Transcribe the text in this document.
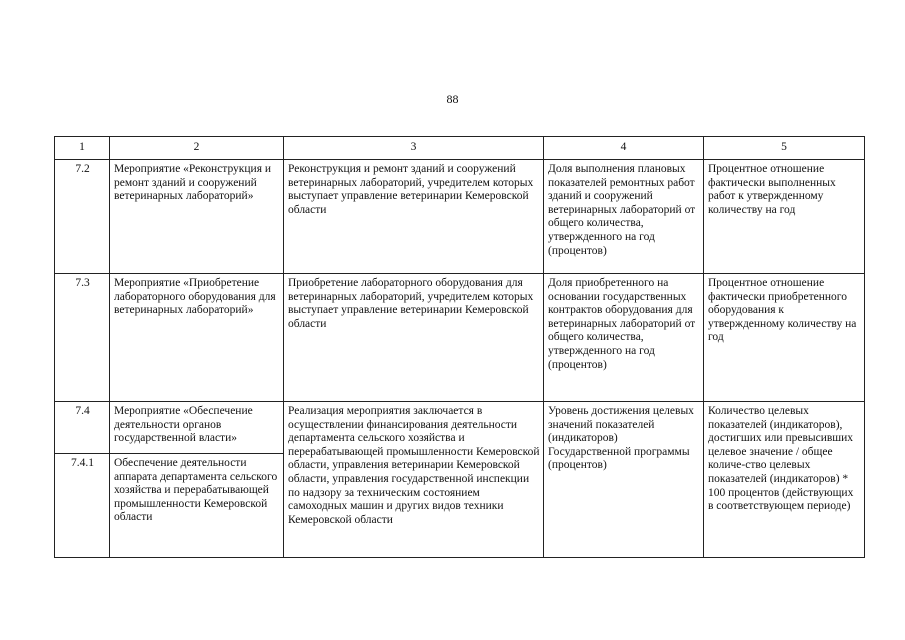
88
1	2	3	4	5
7.2	Мероприятие «Реконструкция и ремонт зданий и сооружений ветеринарных лабораторий»	Реконструкция и ремонт зданий и сооружений ветеринарных лабораторий, учредителем которых выступает управление ветеринарии Кемеровской области	Доля выполнения плановых показателей ремонтных работ зданий и сооружений ветеринарных лабораторий от общего количества, утвержденного на год (процентов)	Процентное отношение фактически выполненных работ к утвержденному количеству на год
7.3	Мероприятие «Приобретение лабораторного оборудования для ветеринарных лабораторий»	Приобретение лабораторного оборудования для ветеринарных лабораторий, учредителем которых выступает управление ветеринарии Кемеровской области	Доля приобретенного на основании государственных контрактов оборудования для ветеринарных лабораторий от общего количества, утвержденного на год (процентов)	Процентное отношение фактически приобретенного оборудования к утвержденному количеству на год
7.4	Мероприятие «Обеспечение деятельности органов государственной власти»	Реализация мероприятия заключается в осуществлении финансирования деятельности департамента сельского хозяйства и перерабатывающей промышленности Кемеровской области, управления ветеринарии Кемеровской области, управления государственной инспекции по надзору за техническим состоянием самоходных машин и других видов техники Кемеровской области	Уровень достижения целевых значений показателей (индикаторов) Государственной программы (процентов)	Количество целевых показателей (индикаторов), достигших или превысивших целевое значение / общее количе-ство целевых показателей (индикаторов) * 100 процентов (действующих в соответствующем периоде)
7.4.1	Обеспечение деятельности аппарата департамента сельского хозяйства и перерабатывающей промышленности Кемеровской области			
